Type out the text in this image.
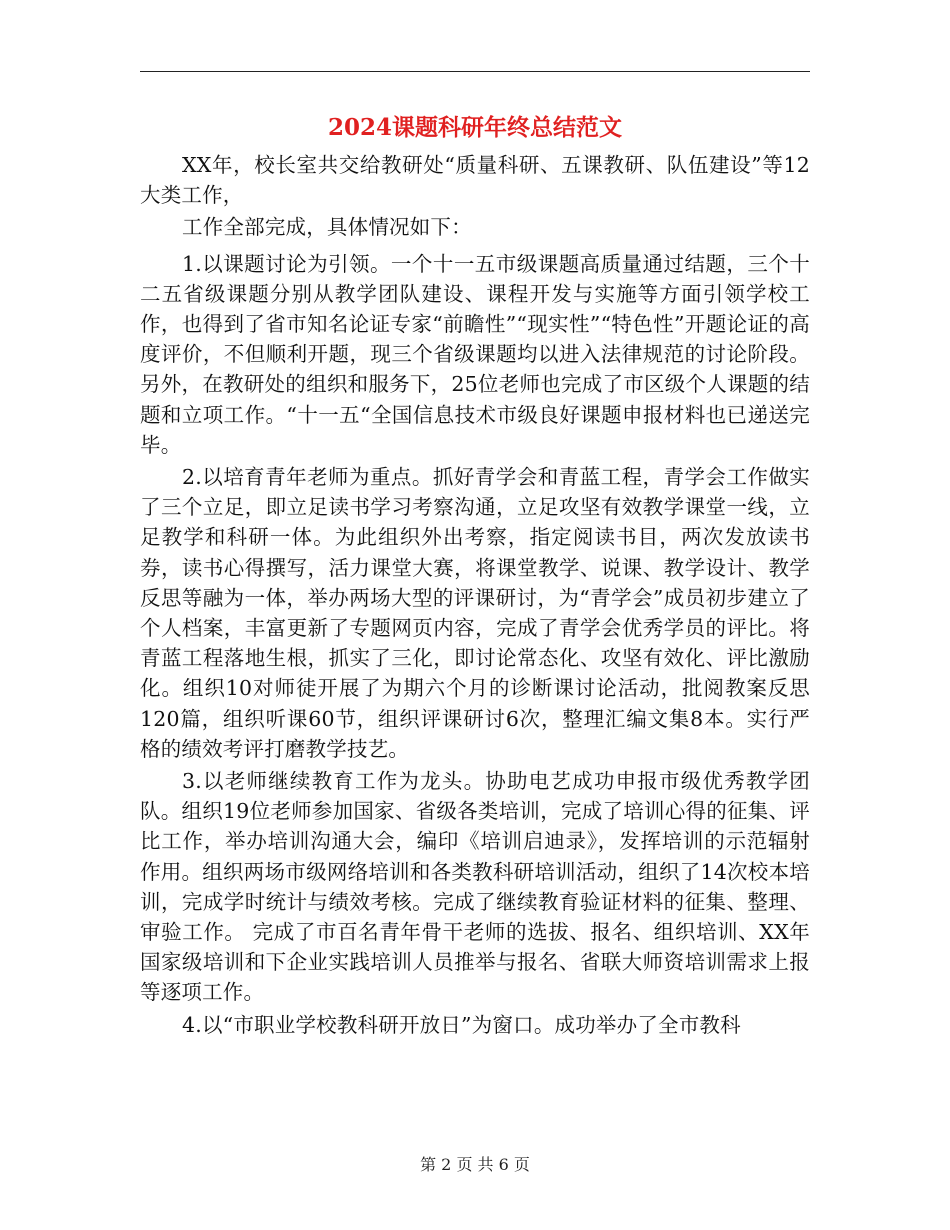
2024课题科研年终总结范文

XX年，校长室共交给教研处“质量科研、五课教研、队伍建设”等12大类工作，

工作全部完成，具体情况如下：

1.以课题讨论为引领。一个十一五市级课题高质量通过结题，三个十二五省级课题分别从教学团队建设、课程开发与实施等方面引领学校工作，也得到了省市知名论证专家“前瞻性”“现实性”“特色性”开题论证的高度评价，不但顺利开题，现三个省级课题均以进入法律规范的讨论阶段。另外，在教研处的组织和服务下，25位老师也完成了市区级个人课题的结题和立项工作。“十一五“全国信息技术市级良好课题申报材料也已递送完毕。

2.以培育青年老师为重点。抓好青学会和青蓝工程，青学会工作做实了三个立足，即立足读书学习考察沟通，立足攻坚有效教学课堂一线，立足教学和科研一体。为此组织外出考察，指定阅读书目，两次发放读书券，读书心得撰写，活力课堂大赛，将课堂教学、说课、教学设计、教学反思等融为一体，举办两场大型的评课研讨，为“青学会”成员初步建立了个人档案，丰富更新了专题网页内容，完成了青学会优秀学员的评比。将青蓝工程落地生根，抓实了三化，即讨论常态化、攻坚有效化、评比激励化。组织10对师徒开展了为期六个月的诊断课讨论活动，批阅教案反思120篇，组织听课60节，组织评课研讨6次，整理汇编文集8本。实行严格的绩效考评打磨教学技艺。

3.以老师继续教育工作为龙头。协助电艺成功申报市级优秀教学团队。组织19位老师参加国家、省级各类培训，完成了培训心得的征集、评比工作，举办培训沟通大会，编印《培训启迪录》，发挥培训的示范辐射作用。组织两场市级网络培训和各类教科研培训活动，组织了14次校本培训，完成学时统计与绩效考核。完成了继续教育验证材料的征集、整理、审验工作。 完成了市百名青年骨干老师的选拔、报名、组织培训、XX年国家级培训和下企业实践培训人员推举与报名、省联大师资培训需求上报等逐项工作。

4.以“市职业学校教科研开放日”为窗口。成功举办了全市教科

第 2 页 共 6 页
